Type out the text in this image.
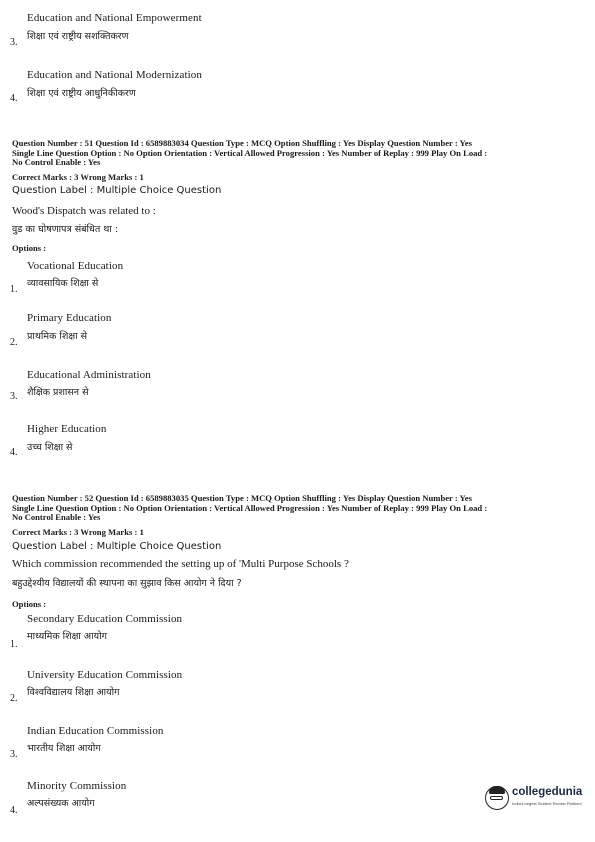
Education and National Empowerment
शिक्षा एवं राष्ट्रीय सशक्तिकरण
3.
Education and National Modernization
शिक्षा एवं राष्ट्रीय आधुनिकीकरण
4.
Question Number : 51 Question Id : 6589883034 Question Type : MCQ Option Shuffling : Yes Display Question Number : Yes
Single Line Question Option : No Option Orientation : Vertical Allowed Progression : Yes Number of Replay : 999 Play On Load :
No Control Enable : Yes
Correct Marks : 3 Wrong Marks : 1
Question Label : Multiple Choice Question
Wood's Dispatch was related to :
वुड का घोषणापत्र संबंधित था :
Options :
Vocational Education
व्यावसायिक शिक्षा से
1.
Primary Education
प्राथमिक शिक्षा से
2.
Educational Administration
शैक्षिक प्रशासन से
3.
Higher Education
उच्च शिक्षा से
4.
Question Number : 52 Question Id : 6589883035 Question Type : MCQ Option Shuffling : Yes Display Question Number : Yes
Single Line Question Option : No Option Orientation : Vertical Allowed Progression : Yes Number of Replay : 999 Play On Load :
No Control Enable : Yes
Correct Marks : 3 Wrong Marks : 1
Question Label : Multiple Choice Question
Which commission recommended the setting up of 'Multi Purpose Schools ?
बहुउद्देश्यीय विद्यालयों की स्थापना का सुझाव किस आयोग ने दिया ?
Options :
Secondary Education Commission
माध्यमिक शिक्षा आयोग
1.
University Education Commission
विश्वविद्यालय शिक्षा आयोग
2.
Indian Education Commission
भारतीय शिक्षा आयोग
3.
Minority Commission
अल्पसंख्यक आयोग
4.
collegedunia
India's largest Student Review Platform
